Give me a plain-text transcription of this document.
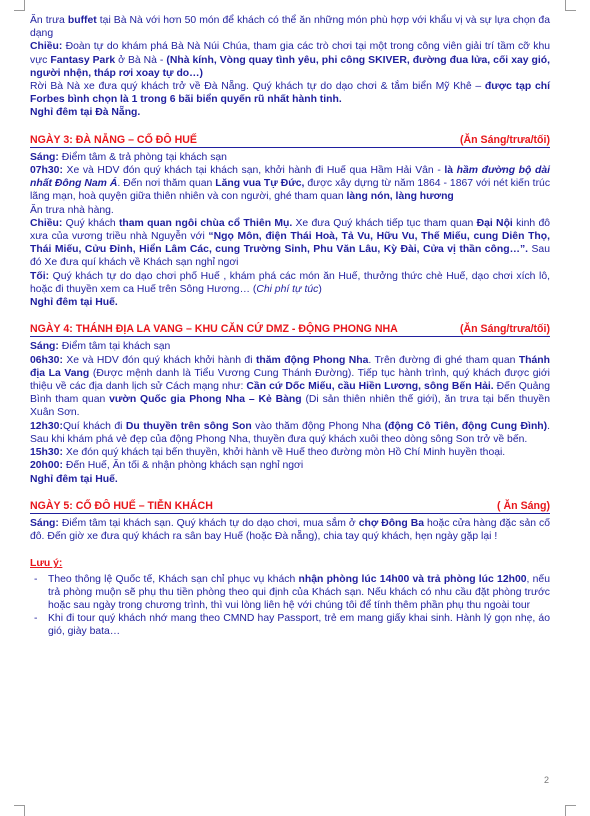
Ăn trưa buffet tại Bà Nà với hơn 50 món để khách có thể ăn những món phù hợp với khẩu vị và sự lựa chọn đa dạng

Chiều: Đoàn tự do khám phá Bà Nà Núi Chúa, tham gia các trò chơi tại một trong công viên giải trí tầm cỡ khu vực Fantasy Park ở Bà Nà - (Nhà kính, Vòng quay tình yêu, phi công SKIVER, đường đua lửa, cối xay gió, người nhện, tháp rơi xoay tự do…)

Rời Bà Nà xe đưa quý khách trở về Đà Nẵng. Quý khách tự do dạo chơi & tắm biển Mỹ Khê – được tạp chí Forbes bình chọn là 1 trong 6 bãi biển quyến rũ nhất hành tinh.

Nghỉ đêm tại Đà Nẵng.

NGÀY 3: ĐÀ NẴNG – CỐ ĐÔ HUẾ	(Ăn Sáng/trưa/tối)

Sáng: Điểm tâm & trả phòng tại khách sạn

07h30: Xe và HDV đón quý khách tại khách sạn, khởi hành đi Huế qua Hầm Hải Vân - là hầm đường bộ dài nhất Đông Nam Á. Đến nơi thăm quan Lăng vua Tự Đức, được xây dựng từ năm 1864 - 1867 với nét kiến trúc lãng mạn, hoà quyện giữa thiên nhiên và con người, ghé tham quan làng nón, làng hương

Ăn trưa nhà hàng.

Chiều: Quý khách tham quan ngôi chùa cổ Thiên Mụ. Xe đưa Quý khách tiếp tục tham quan Đại Nội kinh đô xưa của vương triều nhà Nguyễn với “Ngọ Môn, điện Thái Hoà, Tả Vu, Hữu Vu, Thế Miếu, cung Diên Thọ, Thái Miếu, Cửu Đỉnh, Hiển Lâm Các, cung Trường Sinh, Phu Văn Lâu, Kỳ Đài, Cửa vị thần công…”. Sau đó Xe đưa quí khách về Khách sạn nghỉ ngơi

Tối: Quý khách tự do dạo chơi phố Huế , khám phá các món ăn Huế, thưởng thức chè Huế, dạo chơi xích lô, hoặc đi thuyền xem ca Huế trên Sông Hương… (Chi phí tự túc)

Nghỉ đêm tại Huế.

NGÀY 4: THÁNH ĐỊA LA VANG – KHU CĂN CỨ DMZ - ĐỘNG PHONG NHA	(Ăn Sáng/trưa/tối)

Sáng: Điểm tâm tại khách sạn

06h30: Xe và HDV đón quý khách khởi hành đi thăm động Phong Nha. Trên đường đi ghé tham quan Thánh địa La Vang (Được mệnh danh là Tiểu Vương Cung Thánh Đường). Tiếp tục hành trình, quý khách được giới thiệu về các địa danh lịch sử Cách mạng như: Cần cứ Dốc Miếu, cầu Hiền Lương, sông Bến Hải. Đến Quảng Bình tham quan vườn Quốc gia Phong Nha – Kẻ Bàng (Di sản thiên nhiên thế giới), ăn trưa tại bến thuyền Xuân Sơn.

12h30:Quí khách đi Du thuyền trên sông Son vào thăm động Phong Nha (động Cô Tiên, động Cung Đình). Sau khi khám phá vẻ đẹp của động Phong Nha, thuyền đưa quý khách xuôi theo dòng sông Son trở về bến.

15h30: Xe đón quý khách tại bến thuyền, khởi hành về Huế theo đường mòn Hồ Chí Minh huyền thoại.

20h00: Đến Huế, Ăn tối & nhận phòng khách sạn nghỉ ngơi

Nghỉ đêm tại Huế.

NGÀY 5: CỐ ĐÔ HUẾ – TIỄN KHÁCH	( Ăn Sáng)

Sáng: Điểm tâm tại khách sạn. Quý khách tự do dạo chơi, mua sắm ở chợ Đông Ba hoặc cửa hàng đặc sản cố đô. Đến giờ xe đưa quý khách ra sân bay Huế (hoặc Đà nẵng), chia tay quý khách, hẹn ngày gặp lại !

Lưu ý:

- Theo thông lệ Quốc tế, Khách sạn chỉ phục vụ khách nhận phòng lúc 14h00 và trả phòng lúc 12h00, nếu trả phòng muộn sẽ phụ thu tiền phòng theo qui định của Khách sạn. Nếu khách có nhu cầu đặt phòng trước hoặc sau ngày trong chương trình, thì vui lòng liên hệ với chúng tôi để tính thêm phần phụ thu ngoài tour
- Khi đi tour quý khách nhớ mang theo CMND hay Passport, trẻ em mang giấy khai sinh. Hành lý gọn nhẹ, áo gió, giày bata…
2
